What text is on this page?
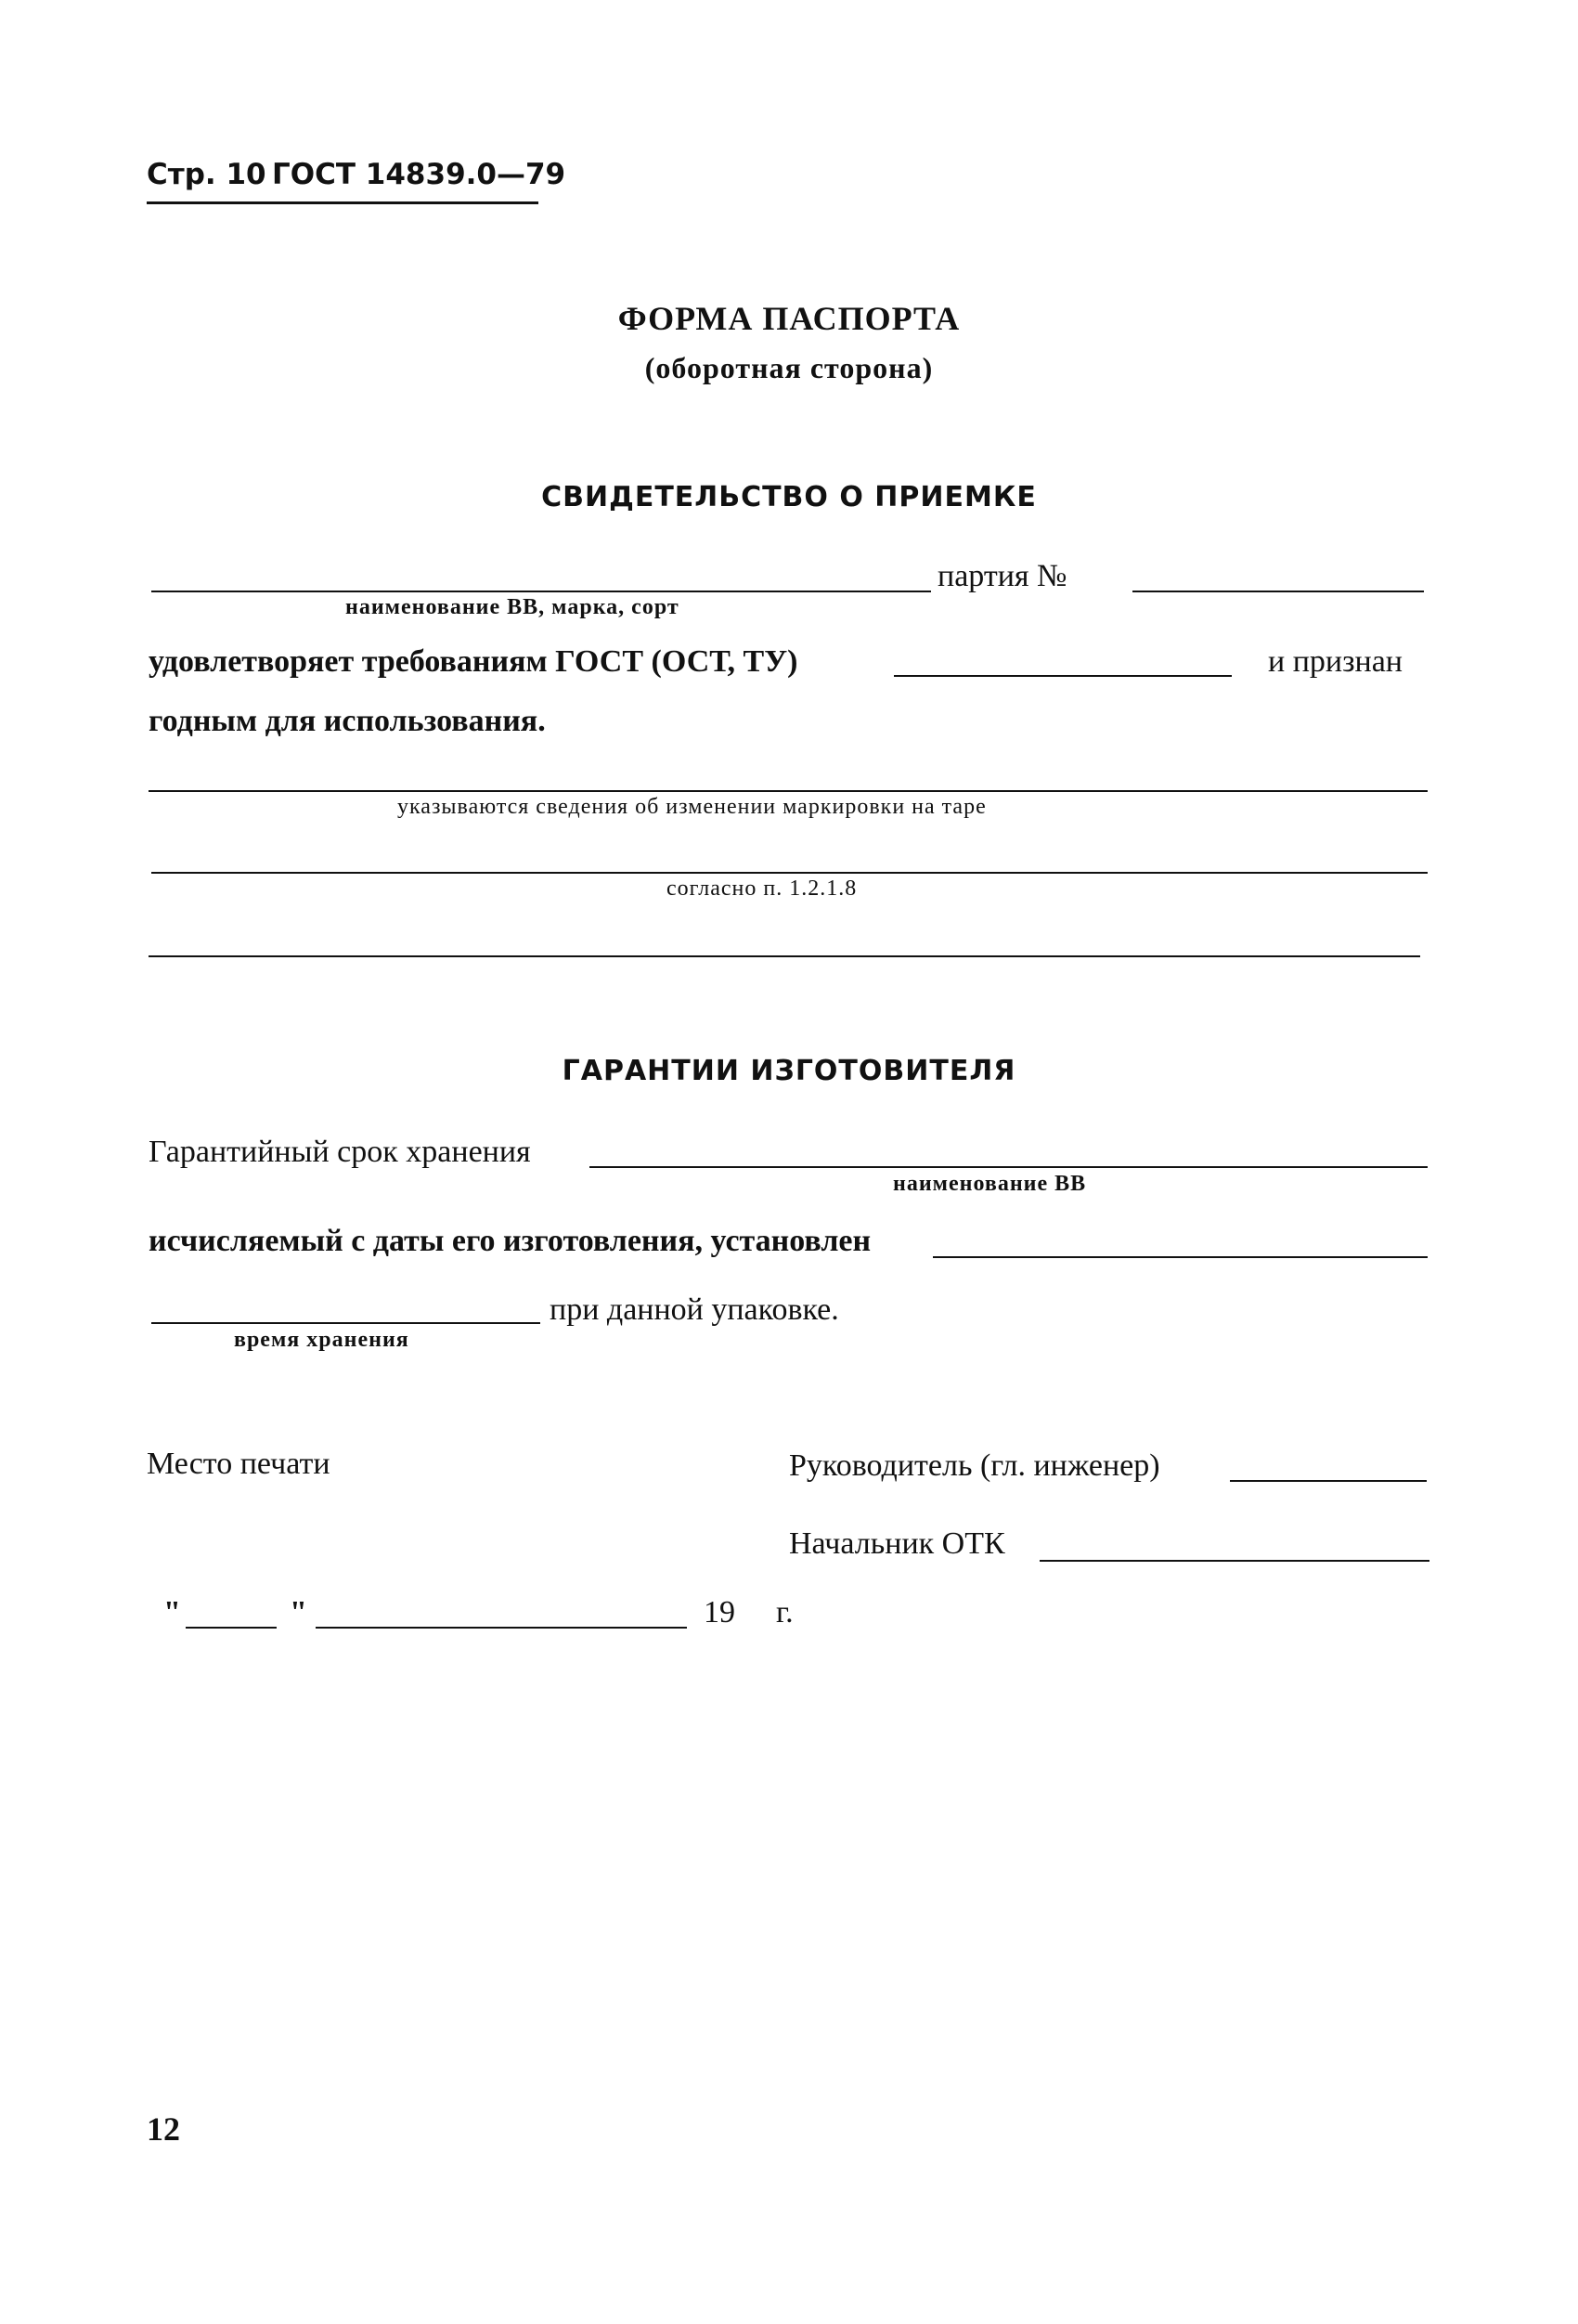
Стр. 10 ГОСТ 14839.0—79
ФОРМА ПАСПОРТА
(оборотная сторона)
СВИДЕТЕЛЬСТВО О ПРИЕМКЕ
партия №
наименование ВВ, марка, сорт
удовлетворяет требованиям ГОСТ (ОСТ, ТУ)	и признан
годным для использования.
указываются сведения об изменении маркировки на таре
согласно п. 1.2.1.8
ГАРАНТИИ ИЗГОТОВИТЕЛЯ
Гарантийный срок хранения
наименование ВВ
исчисляемый с даты его изготовления, установлен
при данной упаковке.
время хранения
Место печати	Руководитель (гл. инженер)
Начальник ОТК
"	"	19 г.
12
